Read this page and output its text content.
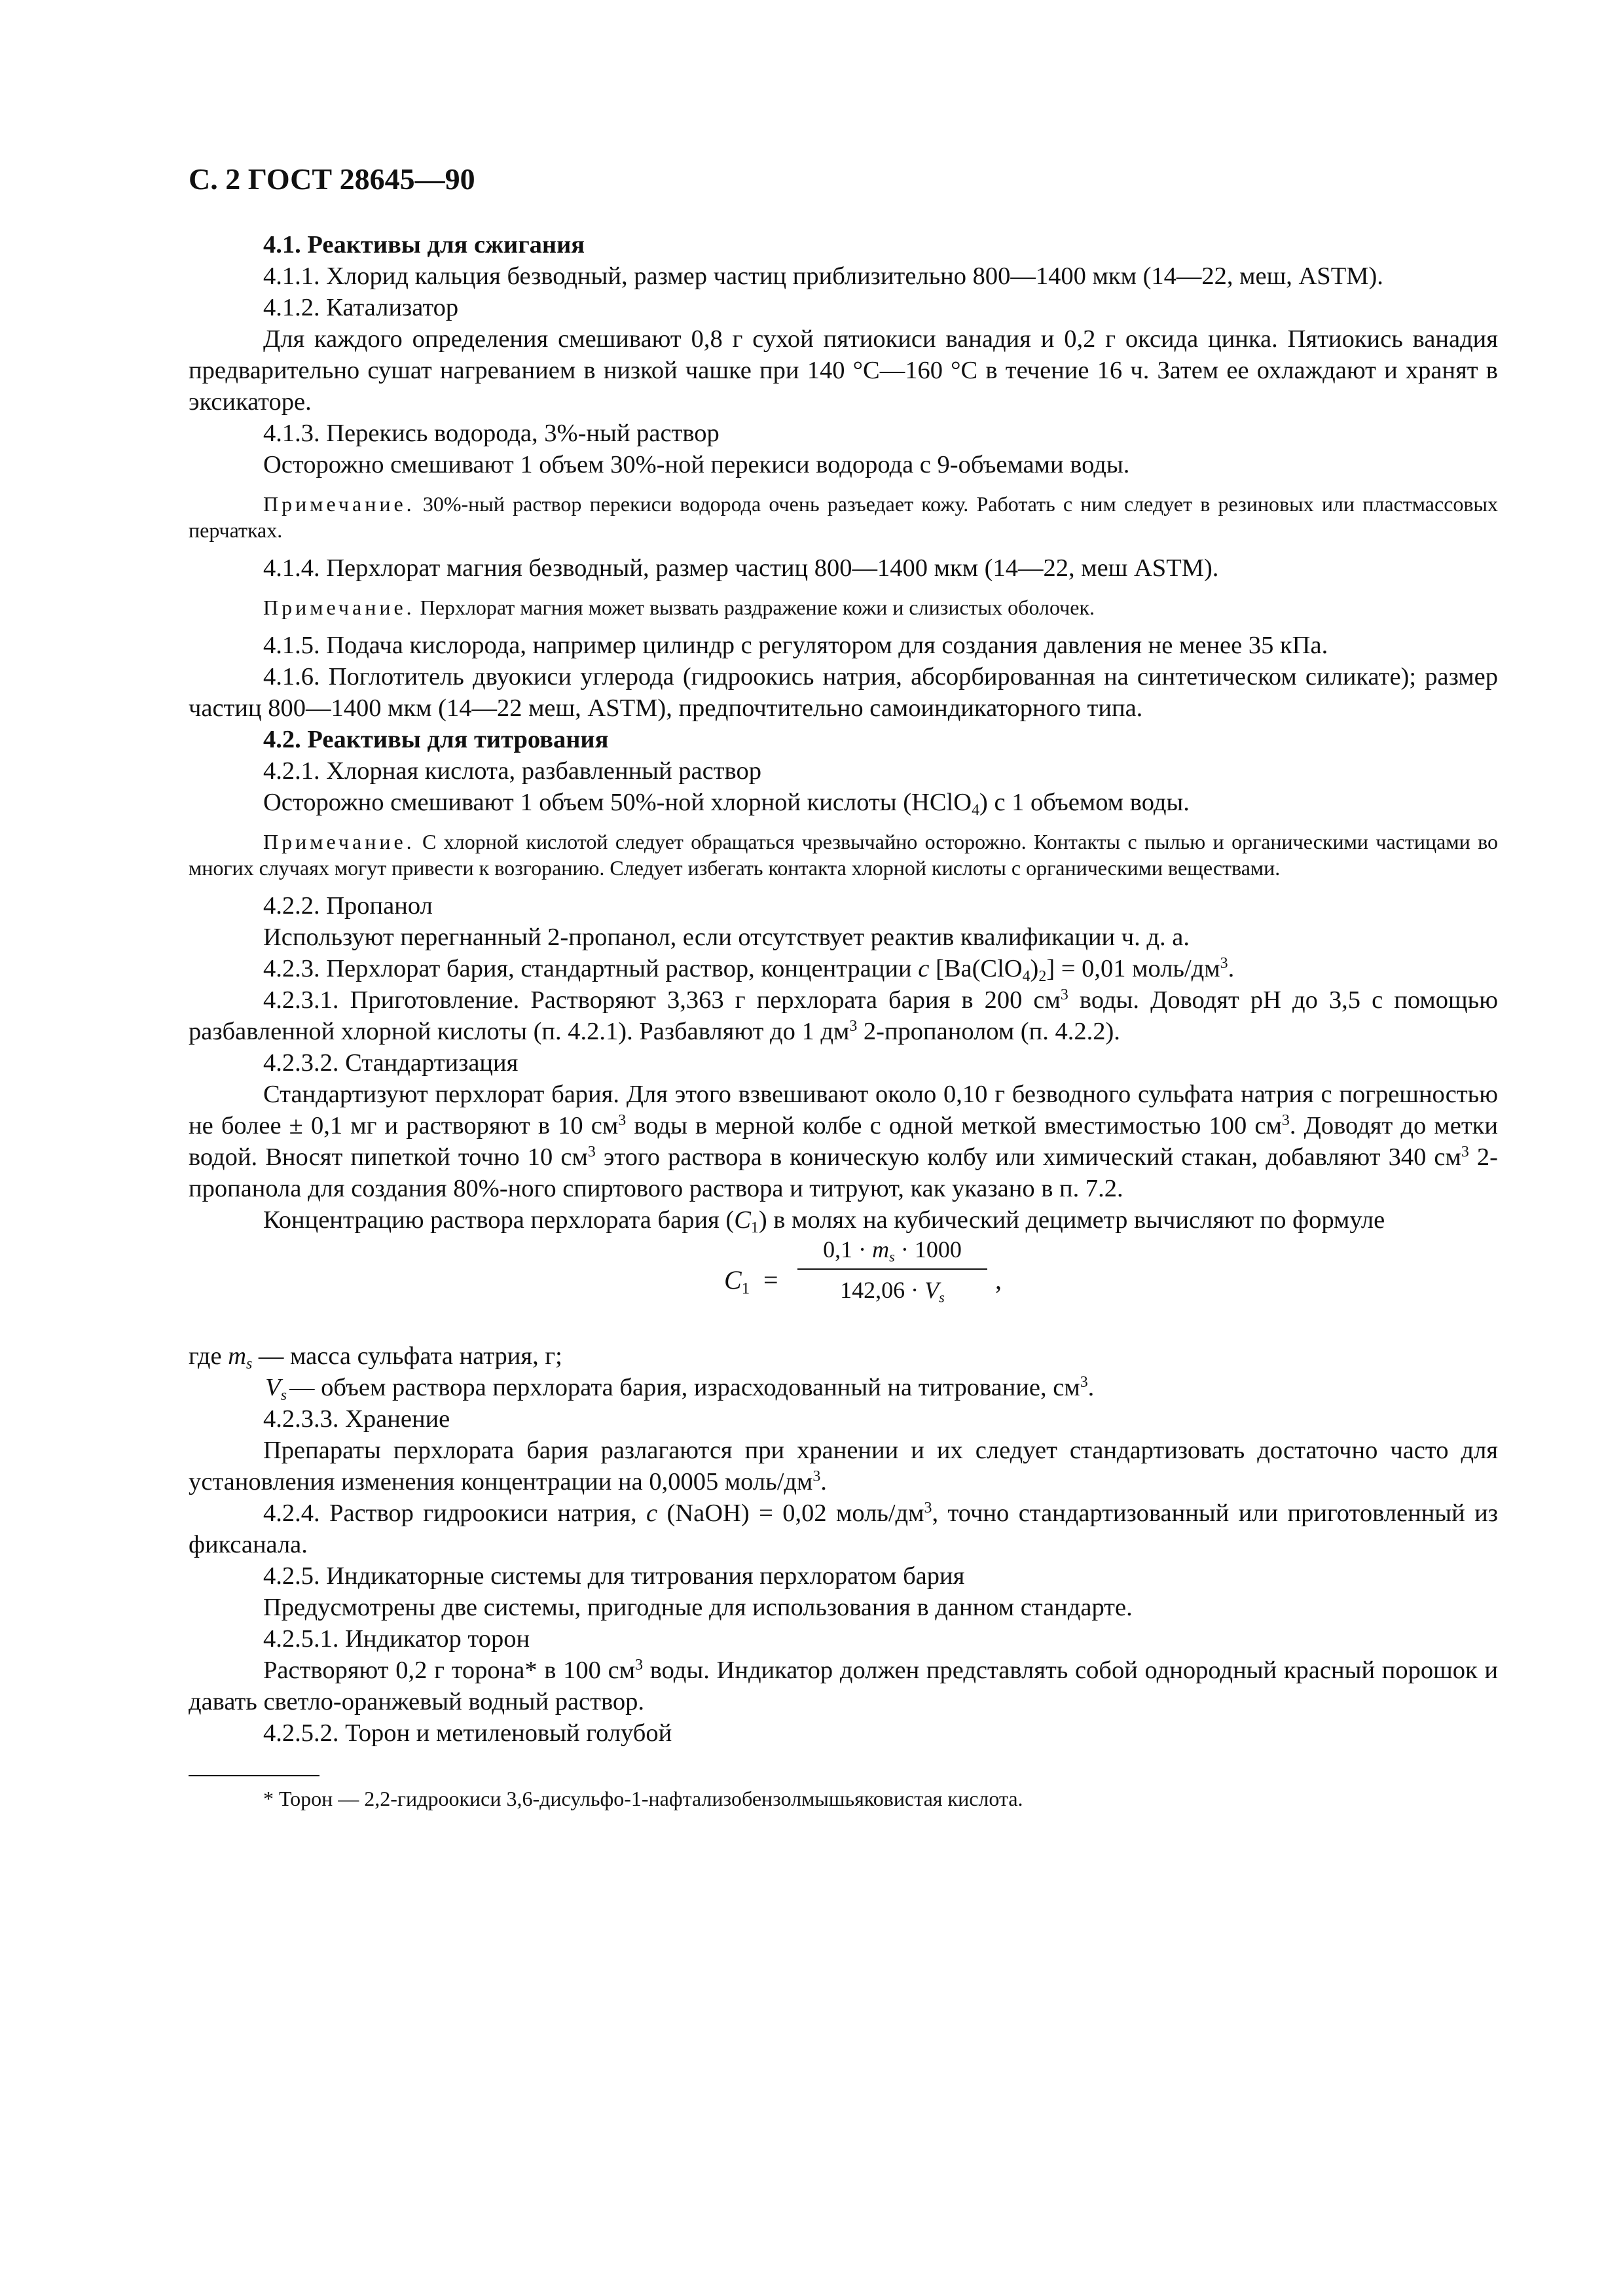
С. 2 ГОСТ 28645—90

4.1. Реактивы для сжигания

4.1.1. Хлорид кальция безводный, размер частиц приблизительно 800—1400 мкм (14—22, меш, ASTM).

4.1.2. Катализатор

Для каждого определения смешивают 0,8 г сухой пятиокиси ванадия и 0,2 г оксида цинка. Пятиокись ванадия предварительно сушат нагреванием в низкой чашке при 140 °С—160 °С в течение 16 ч. Затем ее охлаждают и хранят в эксикаторе.

4.1.3. Перекись водорода, 3%-ный раствор

Осторожно смешивают 1 объем 30%-ной перекиси водорода с 9-объемами воды.

Примечание. 30%-ный раствор перекиси водорода очень разъедает кожу. Работать с ним следует в резиновых или пластмассовых перчатках.

4.1.4. Перхлорат магния безводный, размер частиц 800—1400 мкм (14—22, меш ASTM).

Примечание. Перхлорат магния может вызвать раздражение кожи и слизистых оболочек.

4.1.5. Подача кислорода, например цилиндр с регулятором для создания давления не менее 35 кПа.

4.1.6. Поглотитель двуокиси углерода (гидроокись натрия, абсорбированная на синтетическом силикате); размер частиц 800—1400 мкм (14—22 меш, ASTM), предпочтительно самоиндикаторного типа.

4.2. Реактивы для титрования

4.2.1. Хлорная кислота, разбавленный раствор

Осторожно смешивают 1 объем 50%-ной хлорной кислоты (HClO$_4$) с 1 объемом воды.

Примечание. С хлорной кислотой следует обращаться чрезвычайно осторожно. Контакты с пылью и органическими частицами во многих случаях могут привести к возгоранию. Следует избегать контакта хлорной кислоты с органическими веществами.

4.2.2. Пропанол

Используют перегнанный 2-пропанол, если отсутствует реактив квалификации ч. д. а.

4.2.3. Перхлорат бария, стандартный раствор, концентрации c $[Ba(ClO_4)_2] = 0,01$ моль/$дм^3$.

4.2.3.1. Приготовление. Растворяют 3,363 г перхлората бария в 200 $см^3$ воды. Доводят pH до 3,5 с помощью разбавленной хлорной кислоты (п. 4.2.1). Разбавляют до 1 $дм^3$ 2-пропанолом (п. 4.2.2).

4.2.3.2. Стандартизация

Стандартизуют перхлорат бария. Для этого взвешивают около 0,10 г безводного сульфата натрия с погрешностью не более ± 0,1 мг и растворяют в 10 $см^3$ воды в мерной колбе с одной меткой вместимостью 100 $см^3$. Доводят до метки водой. Вносят пипеткой точно 10 $см^3$ этого раствора в коническую колбу или химический стакан, добавляют 340 $см^3$ 2-пропанола для создания 80%-ного спиртового раствора и титруют, как указано в п. 7.2.

Концентрацию раствора перхлората бария $(C_1)$ в молях на кубический дециметр вычисляют по формуле

$C_1$ =
$0,1 \cdot m_s \cdot 1000$
$142,06 \cdot V_s$
,
где $m_s$ — масса сульфата натрия, г;
$V_s$ — объем раствора перхлората бария, израсходованный на титрование, $см^3$.

4.2.3.3. Хранение

Препараты перхлората бария разлагаются при хранении и их следует стандартизовать достаточно часто для установления изменения концентрации на 0,0005 моль/$дм^3$.

4.2.4. Раствор гидроокиси натрия, c (NaOH) = 0,02 моль/$дм^3$, точно стандартизованный или приготовленный из фиксанала.

4.2.5. Индикаторные системы для титрования перхлоратом бария

Предусмотрены две системы, пригодные для использования в данном стандарте.

4.2.5.1. Индикатор торон

Растворяют 0,2 г торона* в 100 $см^3$ воды. Индикатор должен представлять собой однородный красный порошок и давать светло-оранжевый водный раствор.

4.2.5.2. Торон и метиленовый голубой

* Торон — 2,2-гидроокиси 3,6-дисульфо-1-нафтализобензолмышьяковистая кислота.
